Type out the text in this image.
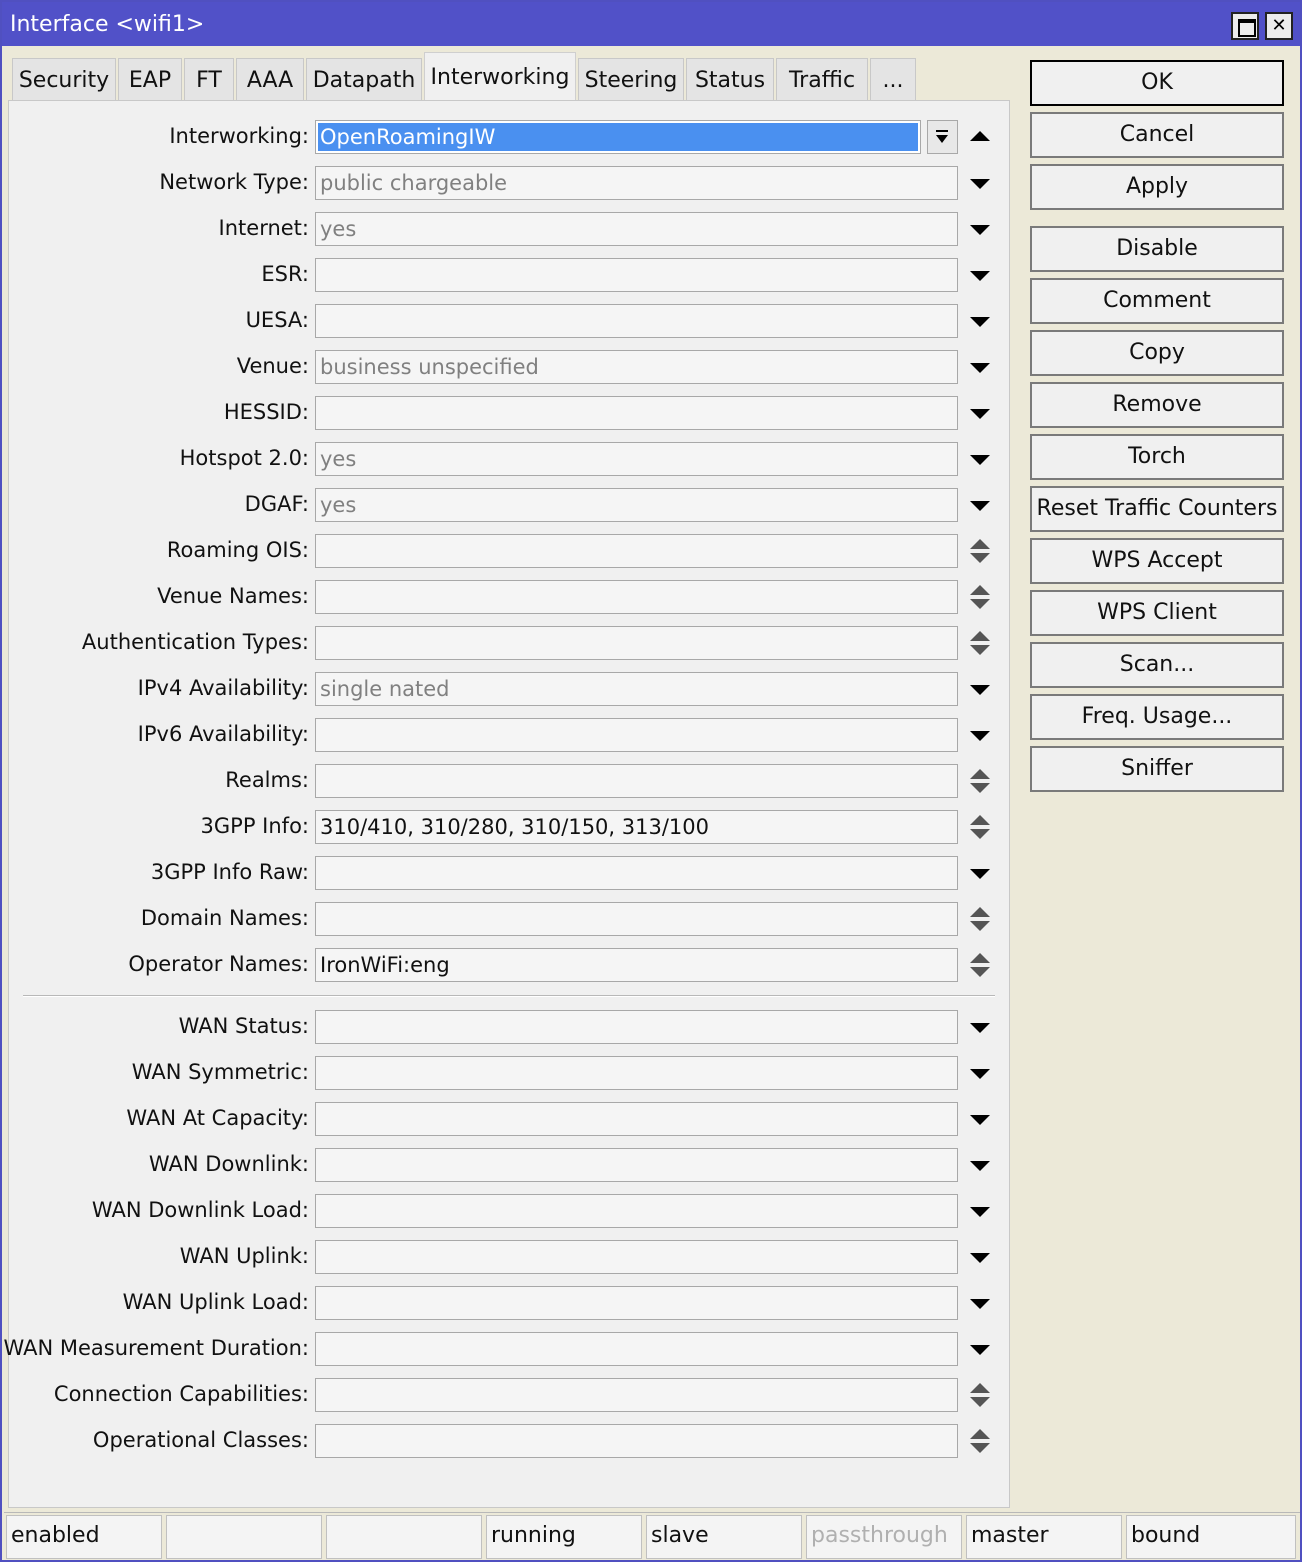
Interface <wifi1>	✕
Security EAP	FT	AAA Datapath Interworking Steering Status	Traffic	...
Interworking: OpenRoamingIW
Network Type: public chargeable
Internet: yes
ESR:
UESA:
Venue: business unspecified
HESSID:
Hotspot 2.0: yes
DGAF: yes
Roaming OIS:
Venue Names:
Authentication Types:
IPv4 Availability: single nated
IPv6 Availability:
Realms:
3GPP Info: 310/410, 310/280, 310/150, 313/100
3GPP Info Raw:
Domain Names:
Operator Names: IronWiFi:eng
WAN Status:
WAN Symmetric:
WAN At Capacity:
WAN Downlink:
WAN Downlink Load:
WAN Uplink:
WAN Uplink Load:
WAN Measurement Duration:
Connection Capabilities:
Operational Classes:
OK
Cancel
Apply
Disable
Comment
Copy
Remove
Torch
Reset Traffic Counters
WPS Accept
WPS Client
Scan...
Freq. Usage...
Sniffer
enabled	running	slave	passthrough	master	bound
